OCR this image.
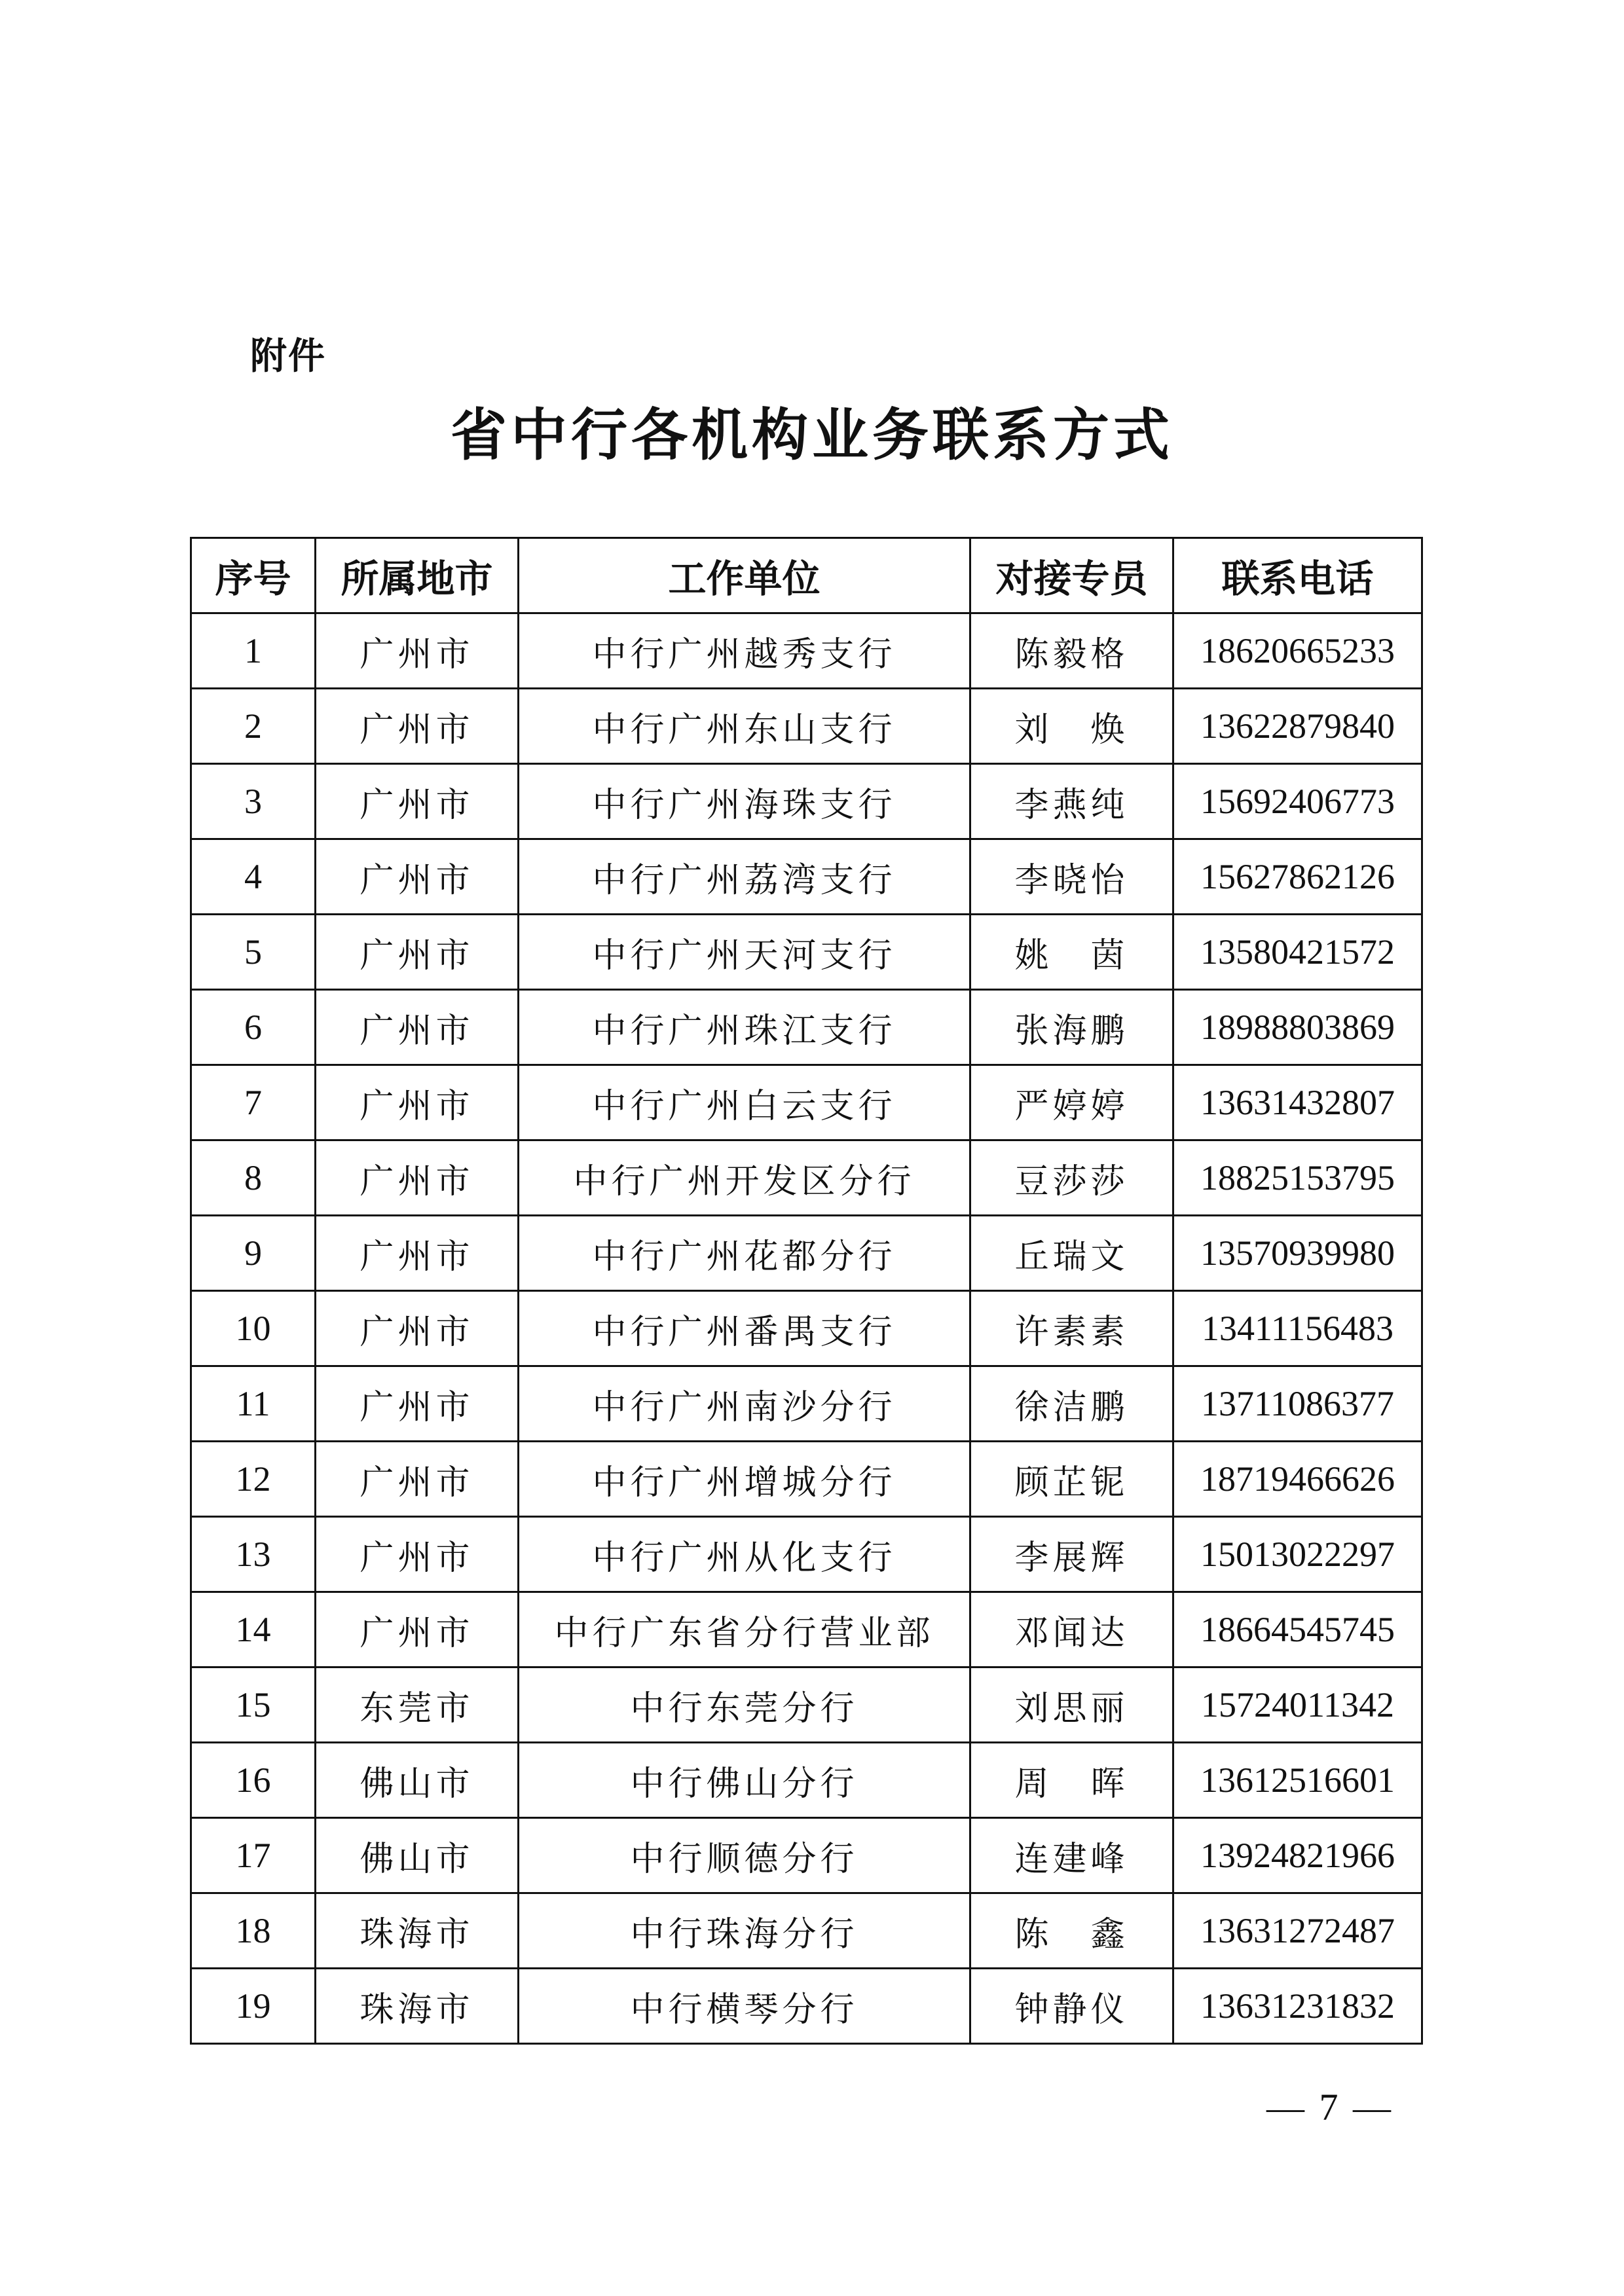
附件
省中行各机构业务联系方式
序号	所属地市	工作单位	对接专员	联系电话
1	广州市	中行广州越秀支行	陈毅格	18620665233
2	广州市	中行广州东山支行	刘　焕	13622879840
3	广州市	中行广州海珠支行	李燕纯	15692406773
4	广州市	中行广州荔湾支行	李晓怡	15627862126
5	广州市	中行广州天河支行	姚　茵	13580421572
6	广州市	中行广州珠江支行	张海鹏	18988803869
7	广州市	中行广州白云支行	严婷婷	13631432807
8	广州市	中行广州开发区分行	豆莎莎	18825153795
9	广州市	中行广州花都分行	丘瑞文	13570939980
10	广州市	中行广州番禺支行	许素素	13411156483
11	广州市	中行广州南沙分行	徐洁鹏	13711086377
12	广州市	中行广州增城分行	顾芷铌	18719466626
13	广州市	中行广州从化支行	李展辉	15013022297
14	广州市	中行广东省分行营业部	邓闻达	18664545745
15	东莞市	中行东莞分行	刘思丽	15724011342
16	佛山市	中行佛山分行	周　晖	13612516601
17	佛山市	中行顺德分行	连建峰	13924821966
18	珠海市	中行珠海分行	陈　鑫	13631272487
19	珠海市	中行横琴分行	钟静仪	13631231832
— 7 —
